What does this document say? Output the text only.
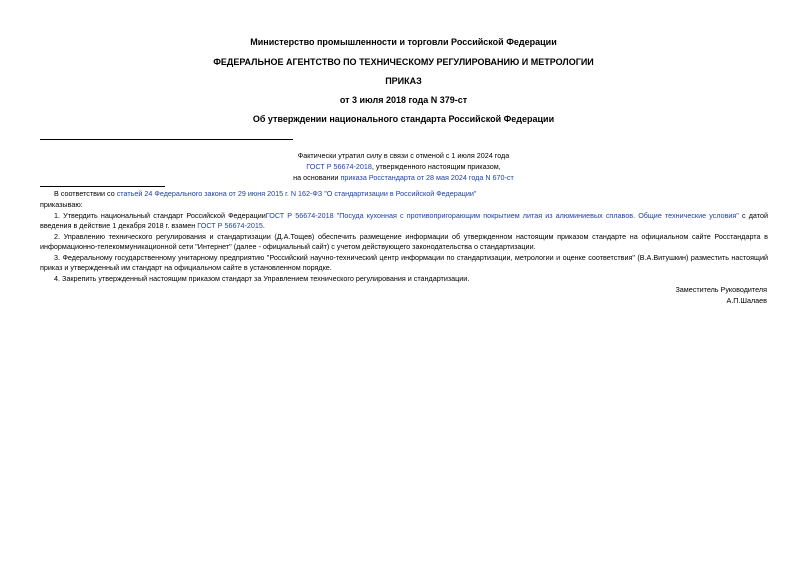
Министерство промышленности и торговли Российской Федерации
ФЕДЕРАЛЬНОЕ АГЕНТСТВО ПО ТЕХНИЧЕСКОМУ РЕГУЛИРОВАНИЮ И МЕТРОЛОГИИ
ПРИКАЗ
от 3 июля 2018 года N 379-ст
Об утверждении национального стандарта Российской Федерации
Фактически утратил силу в связи с отменой с 1 июля 2024 года
ГОСТ Р 56674-2018, утвержденного настоящим приказом,
на основании приказа Росстандарта от 28 мая 2024 года N 670-ст
В соответствии со статьей 24 Федерального закона от 29 июня 2015 г. N 162-ФЗ "О стандартизации в Российской Федерации"
приказываю:
1. Утвердить национальный стандарт Российской ФедерацииГОСТ Р 56674-2018 "Посуда кухонная с противопригорающим покрытием литая из алюминиевых сплавов. Общие технические условия" с датой
введения в действие 1 декабря 2018 г. взамен ГОСТ Р 56674-2015.
2. Управлению технического регулирования и стандартизации (Д.А.Тощев) обеспечить размещение информации об утвержденном настоящим приказом стандарте на официальном сайте Росстандарта в
информационно-телекоммуникационной сети "Интернет" (далее - официальный сайт) с учетом действующего законодательства о стандартизации.
3. Федеральному государственному унитарному предприятию "Российский научно-технический центр информации по стандартизации, метрологии и оценке соответствия" (В.А.Витушкин) разместить настоящий
приказ и утвержденный им стандарт на официальном сайте в установленном порядке.
4. Закрепить утвержденный настоящим приказом стандарт за Управлением технического регулирования и стандартизации.
Заместитель Руководителя
А.П.Шалаев
